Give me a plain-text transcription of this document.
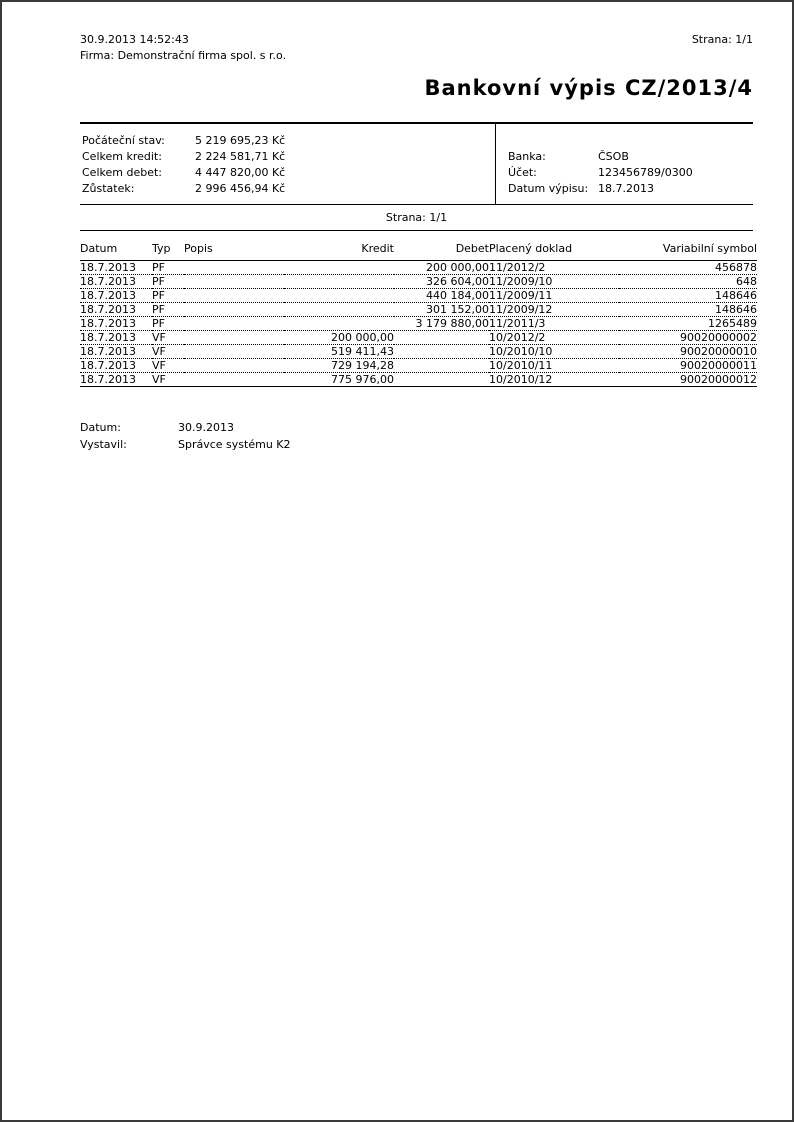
30.9.2013 14:52:43
Firma: Demonstrační firma spol. s r.o.
Strana: 1/1
Bankovní výpis CZ/2013/4
Počáteční stav:	5 219 695,23 Kč
Celkem kredit:	2 224 581,71 Kč
Celkem debet:	4 447 820,00 Kč
Zůstatek:	2 996 456,94 Kč
Banka:	ČSOB
Účet:	123456789/0300
Datum výpisu: 18.7.2013
Strana: 1/1
Datum	Typ	Popis	Kredit	Debet	Placený doklad	Variabilní symbol
18.7.2013	PF			200 000,00	11/2012/2	456878
18.7.2013	PF			326 604,00	11/2009/10	648
18.7.2013	PF			440 184,00	11/2009/11	148646
18.7.2013	PF			301 152,00	11/2009/12	148646
18.7.2013	PF			3 179 880,00	11/2011/3	1265489
18.7.2013	VF		200 000,00		10/2012/2	90020000002
18.7.2013	VF		519 411,43		10/2010/10	90020000010
18.7.2013	VF		729 194,28		10/2010/11	90020000011
18.7.2013	VF		775 976,00		10/2010/12	90020000012
Datum:	30.9.2013
Vystavil:	Správce systému K2
